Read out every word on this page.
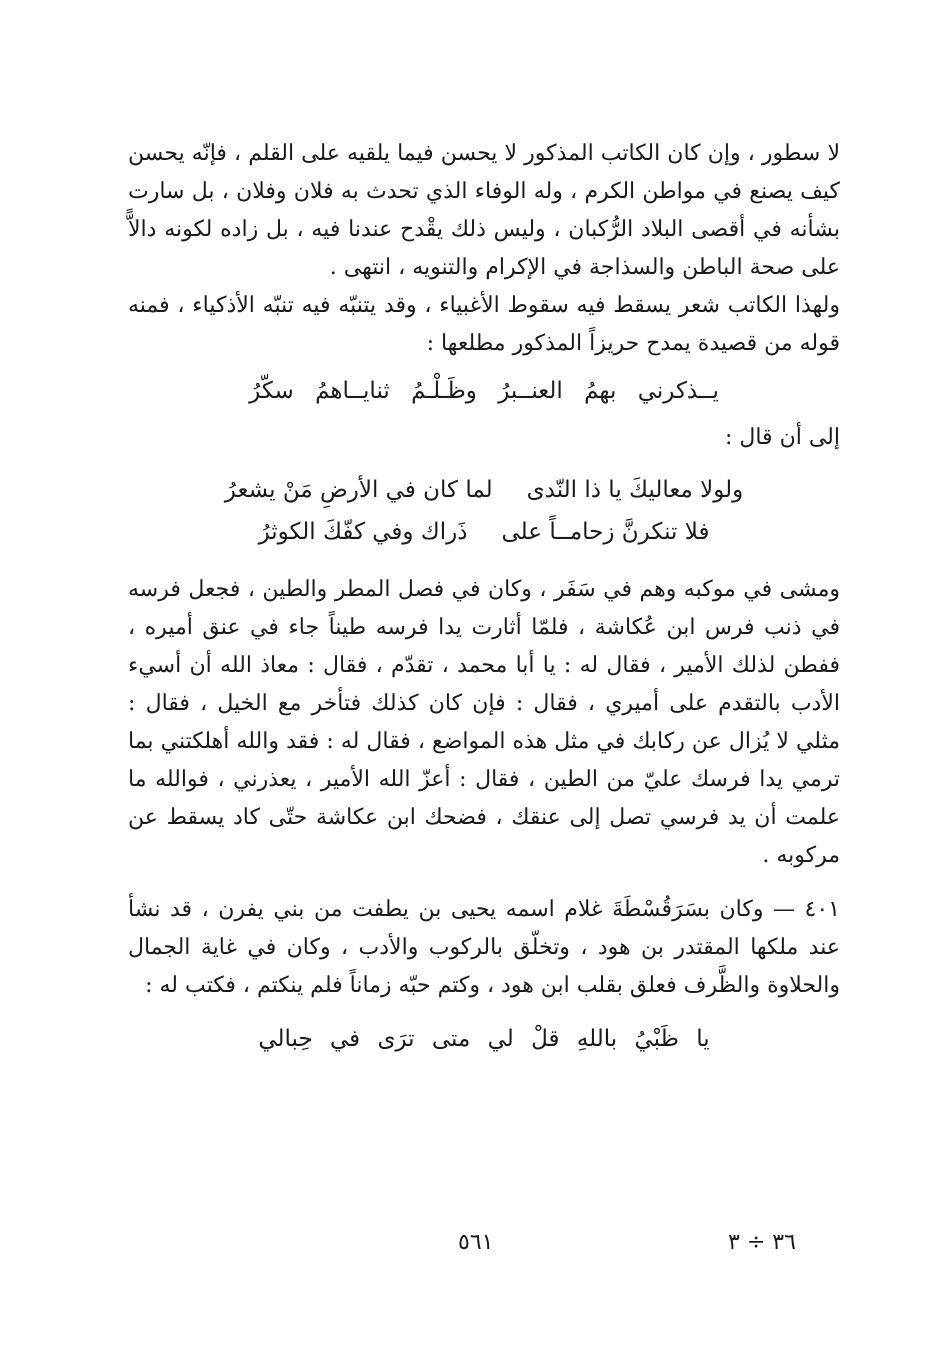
لا سطور ، وإن كان الكاتب المذكور لا يحسن فيما يلقيه على القلم ، فإنّه يحسن كيف يصنع في مواطن الكرم ، وله الوفاء الذي تحدث به فلان وفلان ، بل سارت بشأنه في أقصى البلاد الرُّكبان ، وليس ذلك يقْدح عندنا فيه ، بل زاده لكونه دالاًّ على صحة الباطن والسذاجة في الإكرام والتنويه ، انتهى .

ولهذا الكاتب شعر يسقط فيه سقوط الأغبياء ، وقد يتنبّه فيه تنبّه الأذكياء ، فمنه قوله من قصيدة يمدح حريزاً المذكور مطلعها :

يــذكرني بهمُ العنــبرُ وظَـلْـمُ ثنايــاهمُ سكّرُ
إلى أن قال :
ولولا معاليكَ يا ذا النّدى
لما كان في الأرضِ مَنْ يشعرُ
فلا تنكرنَّ زحامــاً على
ذَراك وفي كفّكَ الكوثرُ

ومشى في موكبه وهم في سَفَر ، وكان في فصل المطر والطين ، فجعل فرسه في ذنب فرس ابن عُكاشة ، فلمّا أثارت يدا فرسه طيناً جاء في عنق أميره ، ففطن لذلك الأمير ، فقال له : يا أبا محمد ، تقدّم ، فقال : معاذ الله أن أسيء الأدب بالتقدم على أميري ، فقال : فإن كان كذلك فتأخر مع الخيل ، فقال : مثلي لا يُزال عن ركابك في مثل هذه المواضع ، فقال له : فقد والله أهلكتني بما ترمي يدا فرسك عليّ من الطين ، فقال : أعزّ الله الأمير ، يعذرني ، فوالله ما علمت أن يد فرسي تصل إلى عنقك ، فضحك ابن عكاشة حتّى كاد يسقط عن مركوبه .

٤٠١ — وكان بسَرَقُسْطَةَ غلام اسمه يحيى بن يطفت من بني يفرن ، قد نشأ عند ملكها المقتدر بن هود ، وتخلّق بالركوب والأدب ، وكان في غاية الجمال والحلاوة والظَّرف فعلق بقلب ابن هود ، وكتم حبّه زماناً فلم ينكتم ، فكتب له :

يا ظَبْيُ باللهِ قلْ لي متى ترَى في حِبالي
٥٦١	٣٦ ÷ ٣
